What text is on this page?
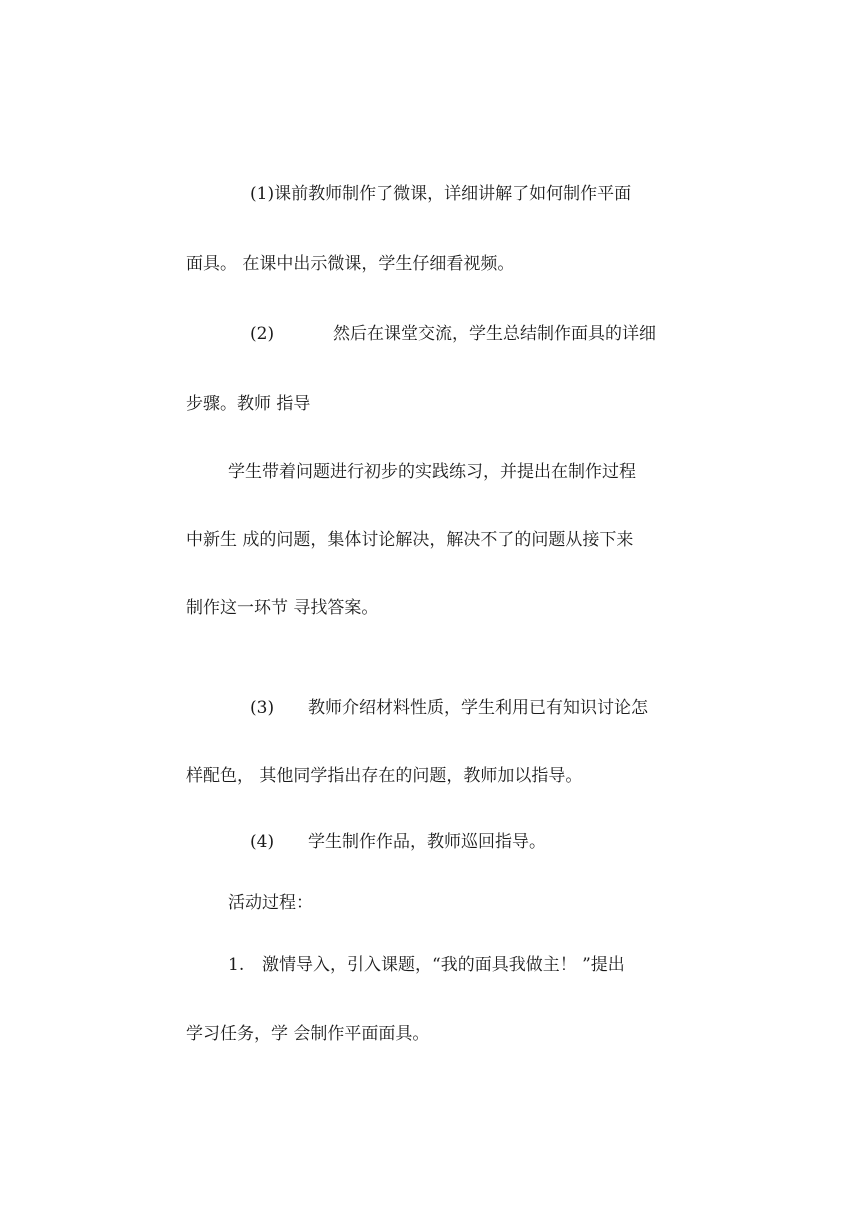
(1)课前教师制作了微课，详细讲解了如何制作平面
面具。 在课中出示微课，学生仔细看视频。
(2)	然后在课堂交流，学生总结制作面具的详细
步骤。教师 指导
学生带着问题进行初步的实践练习，并提出在制作过程
中新生 成的问题，集体讨论解决，解决不了的问题从接下来
制作这一环节 寻找答案。
(3) 教师介绍材料性质，学生利用已有知识讨论怎
样配色， 其他同学指出存在的问题，教师加以指导。
(4) 学生制作作品，教师巡回指导。
活动过程：
1. 激情导入，引入课题，“我的面具我做主！ ”提出
学习任务，学 会制作平面面具。
